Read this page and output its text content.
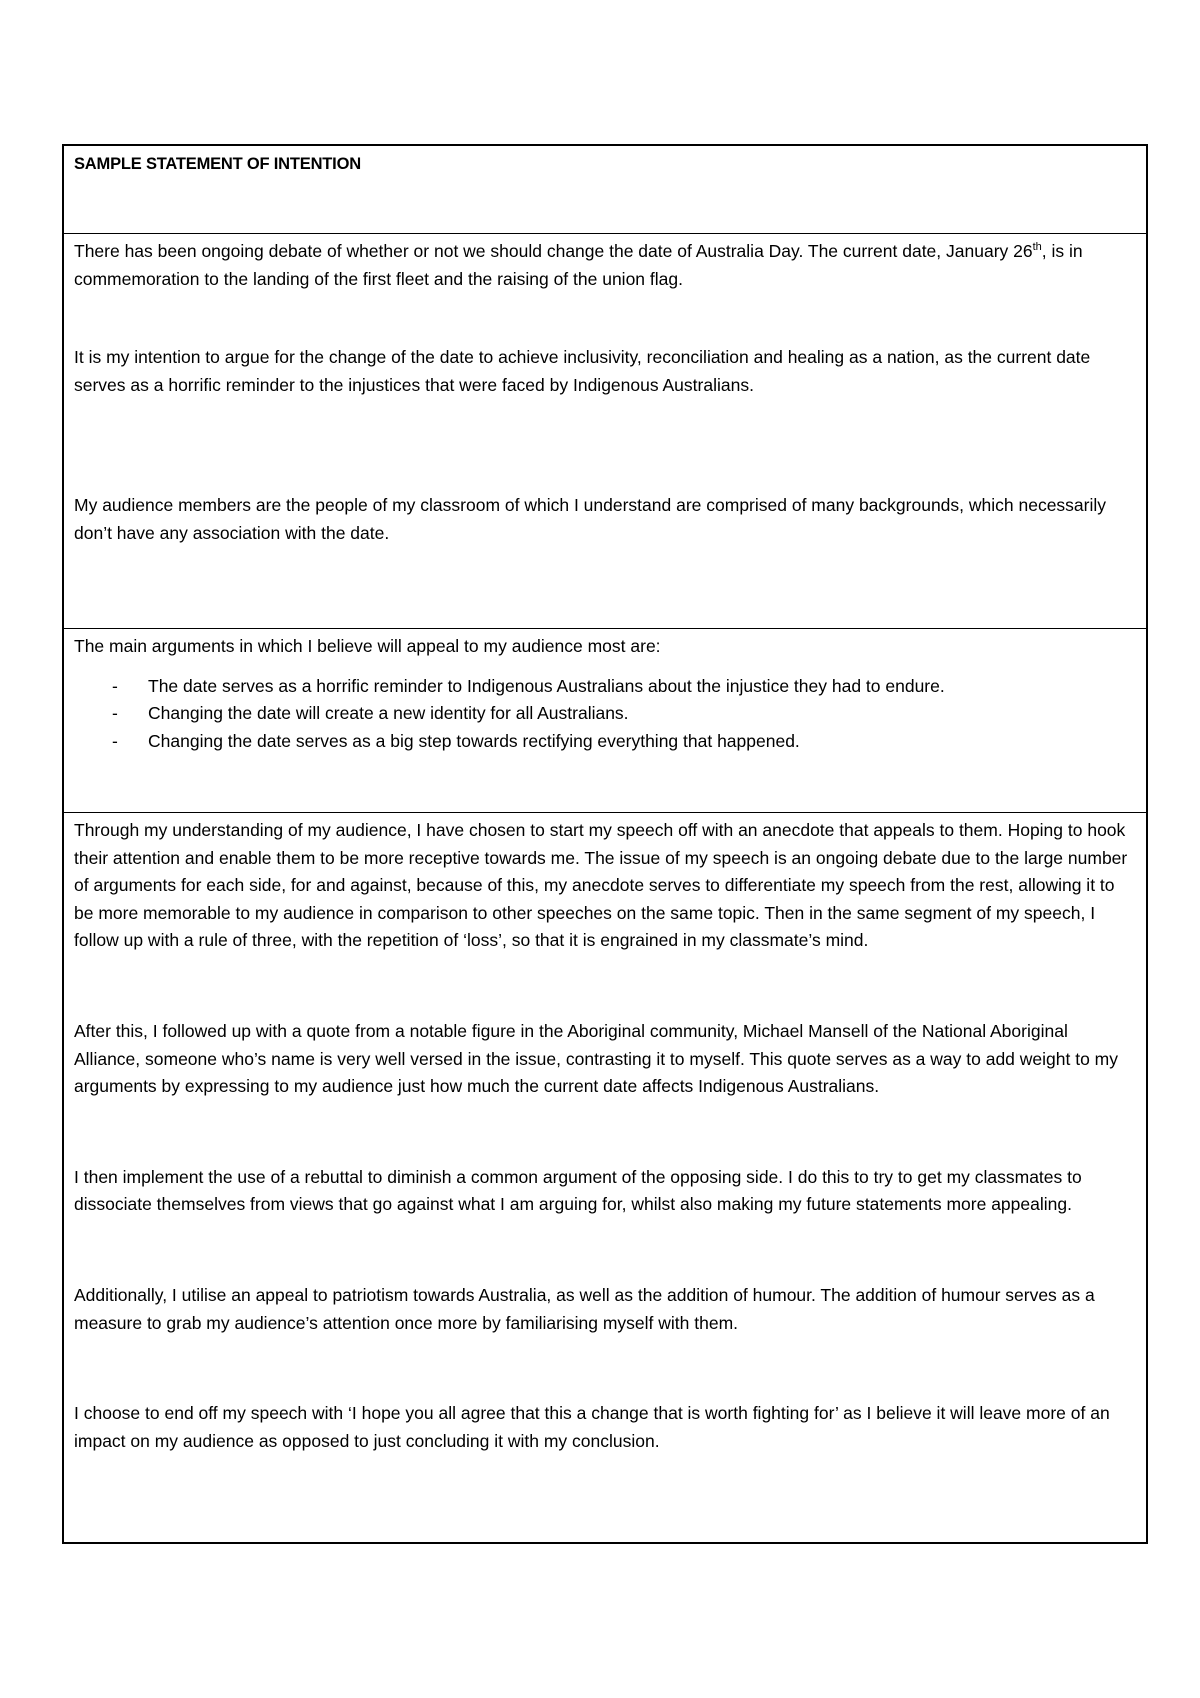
SAMPLE STATEMENT OF INTENTION

There has been ongoing debate of whether or not we should change the date of Australia Day. The current date, January 26th, is in commemoration to the landing of the first fleet and the raising of the union flag.

It is my intention to argue for the change of the date to achieve inclusivity, reconciliation and healing as a nation, as the current date serves as a horrific reminder to the injustices that were faced by Indigenous Australians.

My audience members are the people of my classroom of which I understand are comprised of many backgrounds, which necessarily don’t have any association with the date.

The main arguments in which I believe will appeal to my audience most are:

- The date serves as a horrific reminder to Indigenous Australians about the injustice they had to endure.
- Changing the date will create a new identity for all Australians.
- Changing the date serves as a big step towards rectifying everything that happened.

Through my understanding of my audience, I have chosen to start my speech off with an anecdote that appeals to them. Hoping to hook their attention and enable them to be more receptive towards me. The issue of my speech is an ongoing debate due to the large number of arguments for each side, for and against, because of this, my anecdote serves to differentiate my speech from the rest, allowing it to be more memorable to my audience in comparison to other speeches on the same topic. Then in the same segment of my speech, I follow up with a rule of three, with the repetition of ‘loss’, so that it is engrained in my classmate’s mind.

After this, I followed up with a quote from a notable figure in the Aboriginal community, Michael Mansell of the National Aboriginal Alliance, someone who’s name is very well versed in the issue, contrasting it to myself. This quote serves as a way to add weight to my arguments by expressing to my audience just how much the current date affects Indigenous Australians.

I then implement the use of a rebuttal to diminish a common argument of the opposing side. I do this to try to get my classmates to dissociate themselves from views that go against what I am arguing for, whilst also making my future statements more appealing.

Additionally, I utilise an appeal to patriotism towards Australia, as well as the addition of humour. The addition of humour serves as a measure to grab my audience’s attention once more by familiarising myself with them.

I choose to end off my speech with ‘I hope you all agree that this a change that is worth fighting for’ as I believe it will leave more of an impact on my audience as opposed to just concluding it with my conclusion.
